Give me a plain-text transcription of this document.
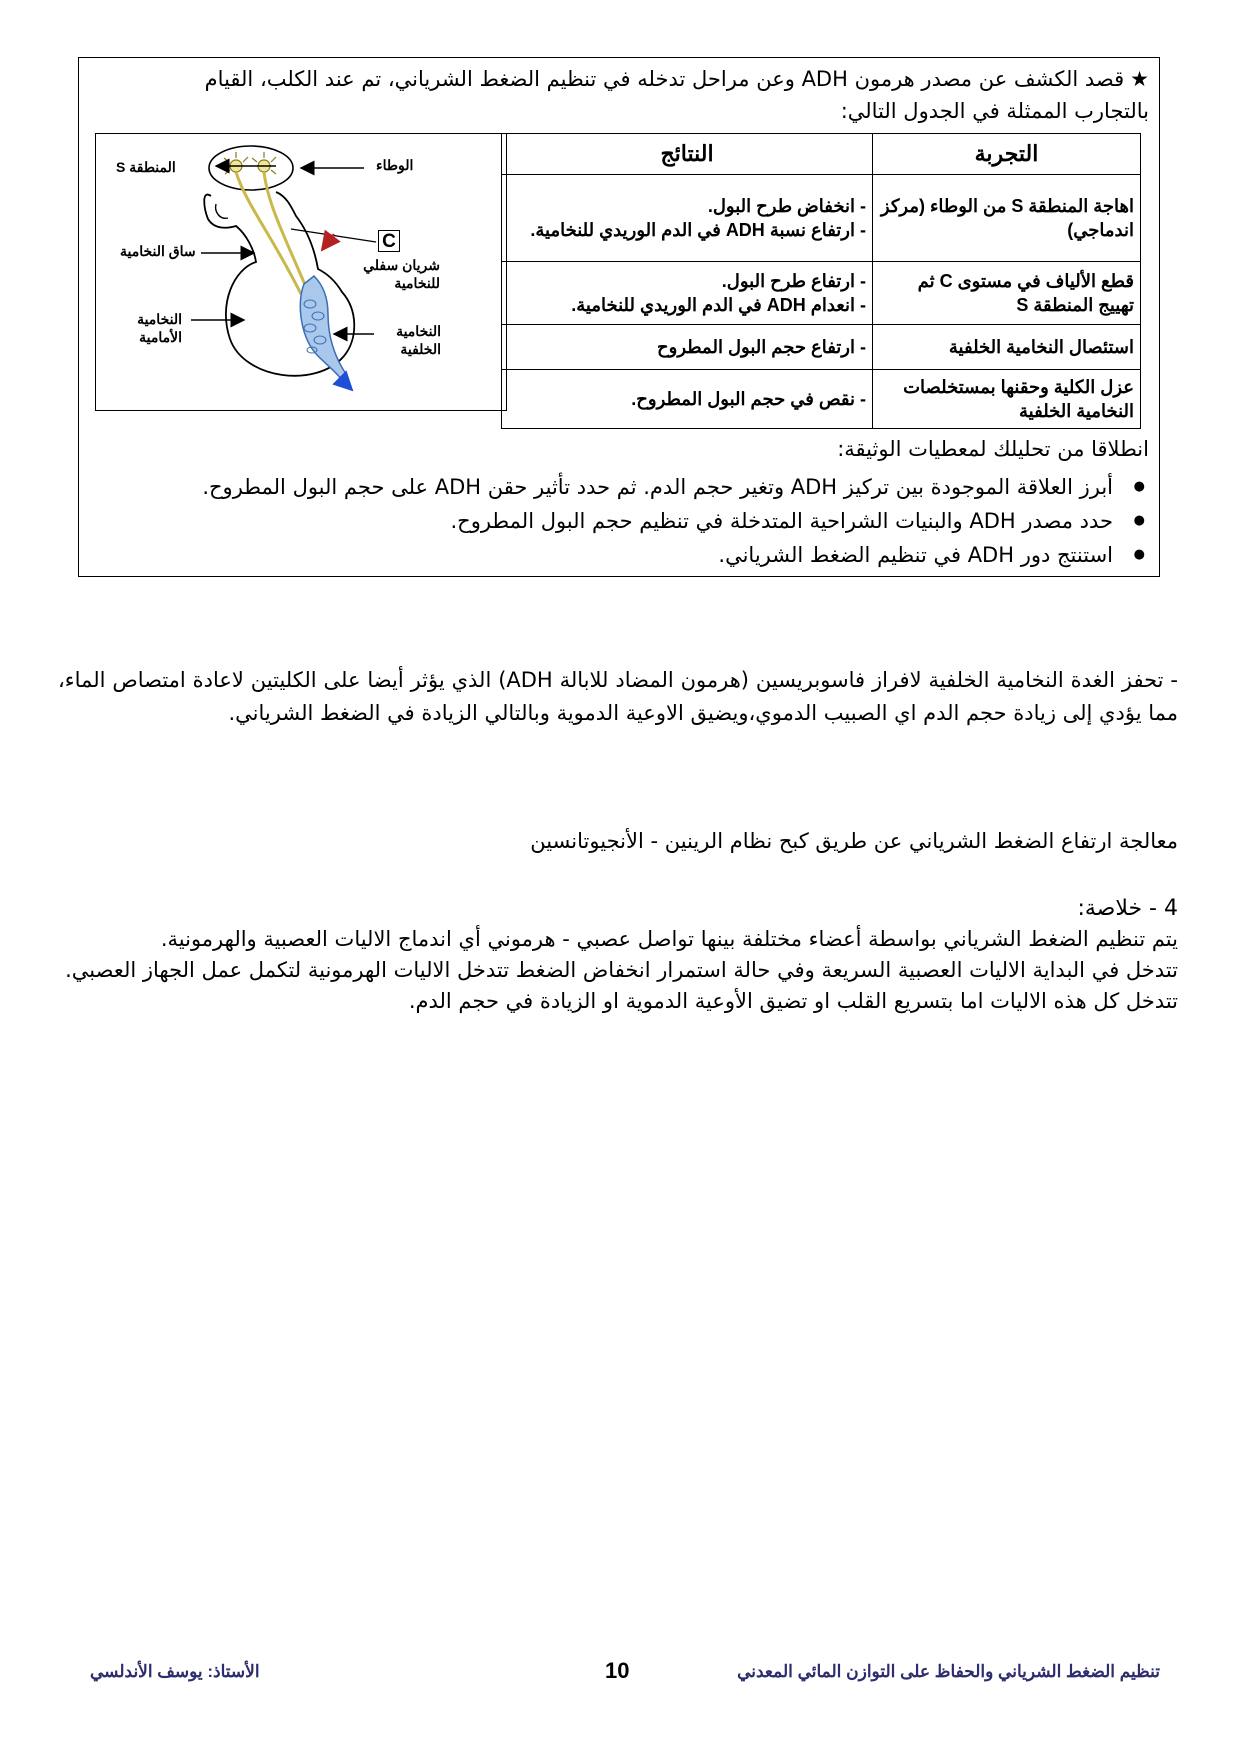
★قصد الكشف عن مصدر هرمون ADH وعن مراحل تدخله في تنظيم الضغط الشرياني، تم عند الكلب، القيام
بالتجارب الممثلة في الجدول التالي:
التجربة	النتائج
اهاجة المنطقة S من الوطاء (مركز اندماجي)	- انخفاض طرح البول.
- ارتفاع نسبة ADH في الدم الوريدي للنخامية.

قطع الألياف في مستوى C ثم تهييج المنطقة S	- ارتفاع طرح البول.
- انعدام ADH في الدم الوريدي للنخامية.

استئصال النخامية الخلفية	- ارتفاع حجم البول المطروح

عزل الكلية وحقنها بمستخلصات النخامية الخلفية	- نقص في حجم البول المطروح.
المنطقة S	الوطاء
ساق النخامية	C
شريان سفلي للنخامية
النخامية الأمامية	النخامية الخلفية
انطلاقا من تحليلك لمعطيات الوثيقة:
● أبرز العلاقة الموجودة بين تركيز ADH وتغير حجم الدم. ثم حدد تأثير حقن ADH على حجم البول المطروح.
● حدد مصدر ADH والبنيات الشراحية المتدخلة في تنظيم حجم البول المطروح.
● استنتج دور ADH في تنظيم الضغط الشرياني.
- تحفز الغدة النخامية الخلفية لافراز فاسوبريسين (هرمون المضاد للابالة ADH) الذي يؤثر أيضا على الكليتين لاعادة امتصاص الماء، مما يؤدي إلى زيادة حجم الدم اي الصبيب الدموي،ويضيق الاوعية الدموية وبالتالي الزيادة في الضغط الشرياني.
معالجة ارتفاع الضغط الشرياني عن طريق كبح نظام الرينين - الأنجيوتانسين
4 - خلاصة:

يتم تنظيم الضغط الشرياني بواسطة أعضاء مختلفة بينها تواصل عصبي - هرموني أي اندماج الاليات العصبية والهرمونية.

تتدخل في البداية الاليات العصبية السريعة وفي حالة استمرار انخفاض الضغط تتدخل الاليات الهرمونية لتكمل عمل الجهاز العصبي.

تتدخل كل هذه الاليات اما بتسريع القلب او تضيق الأوعية الدموية او الزيادة في حجم الدم.

تنظيم الضغط الشرياني والحفاظ على التوازن المائي المعدني
10
الأستاذ: يوسف الأندلسي
